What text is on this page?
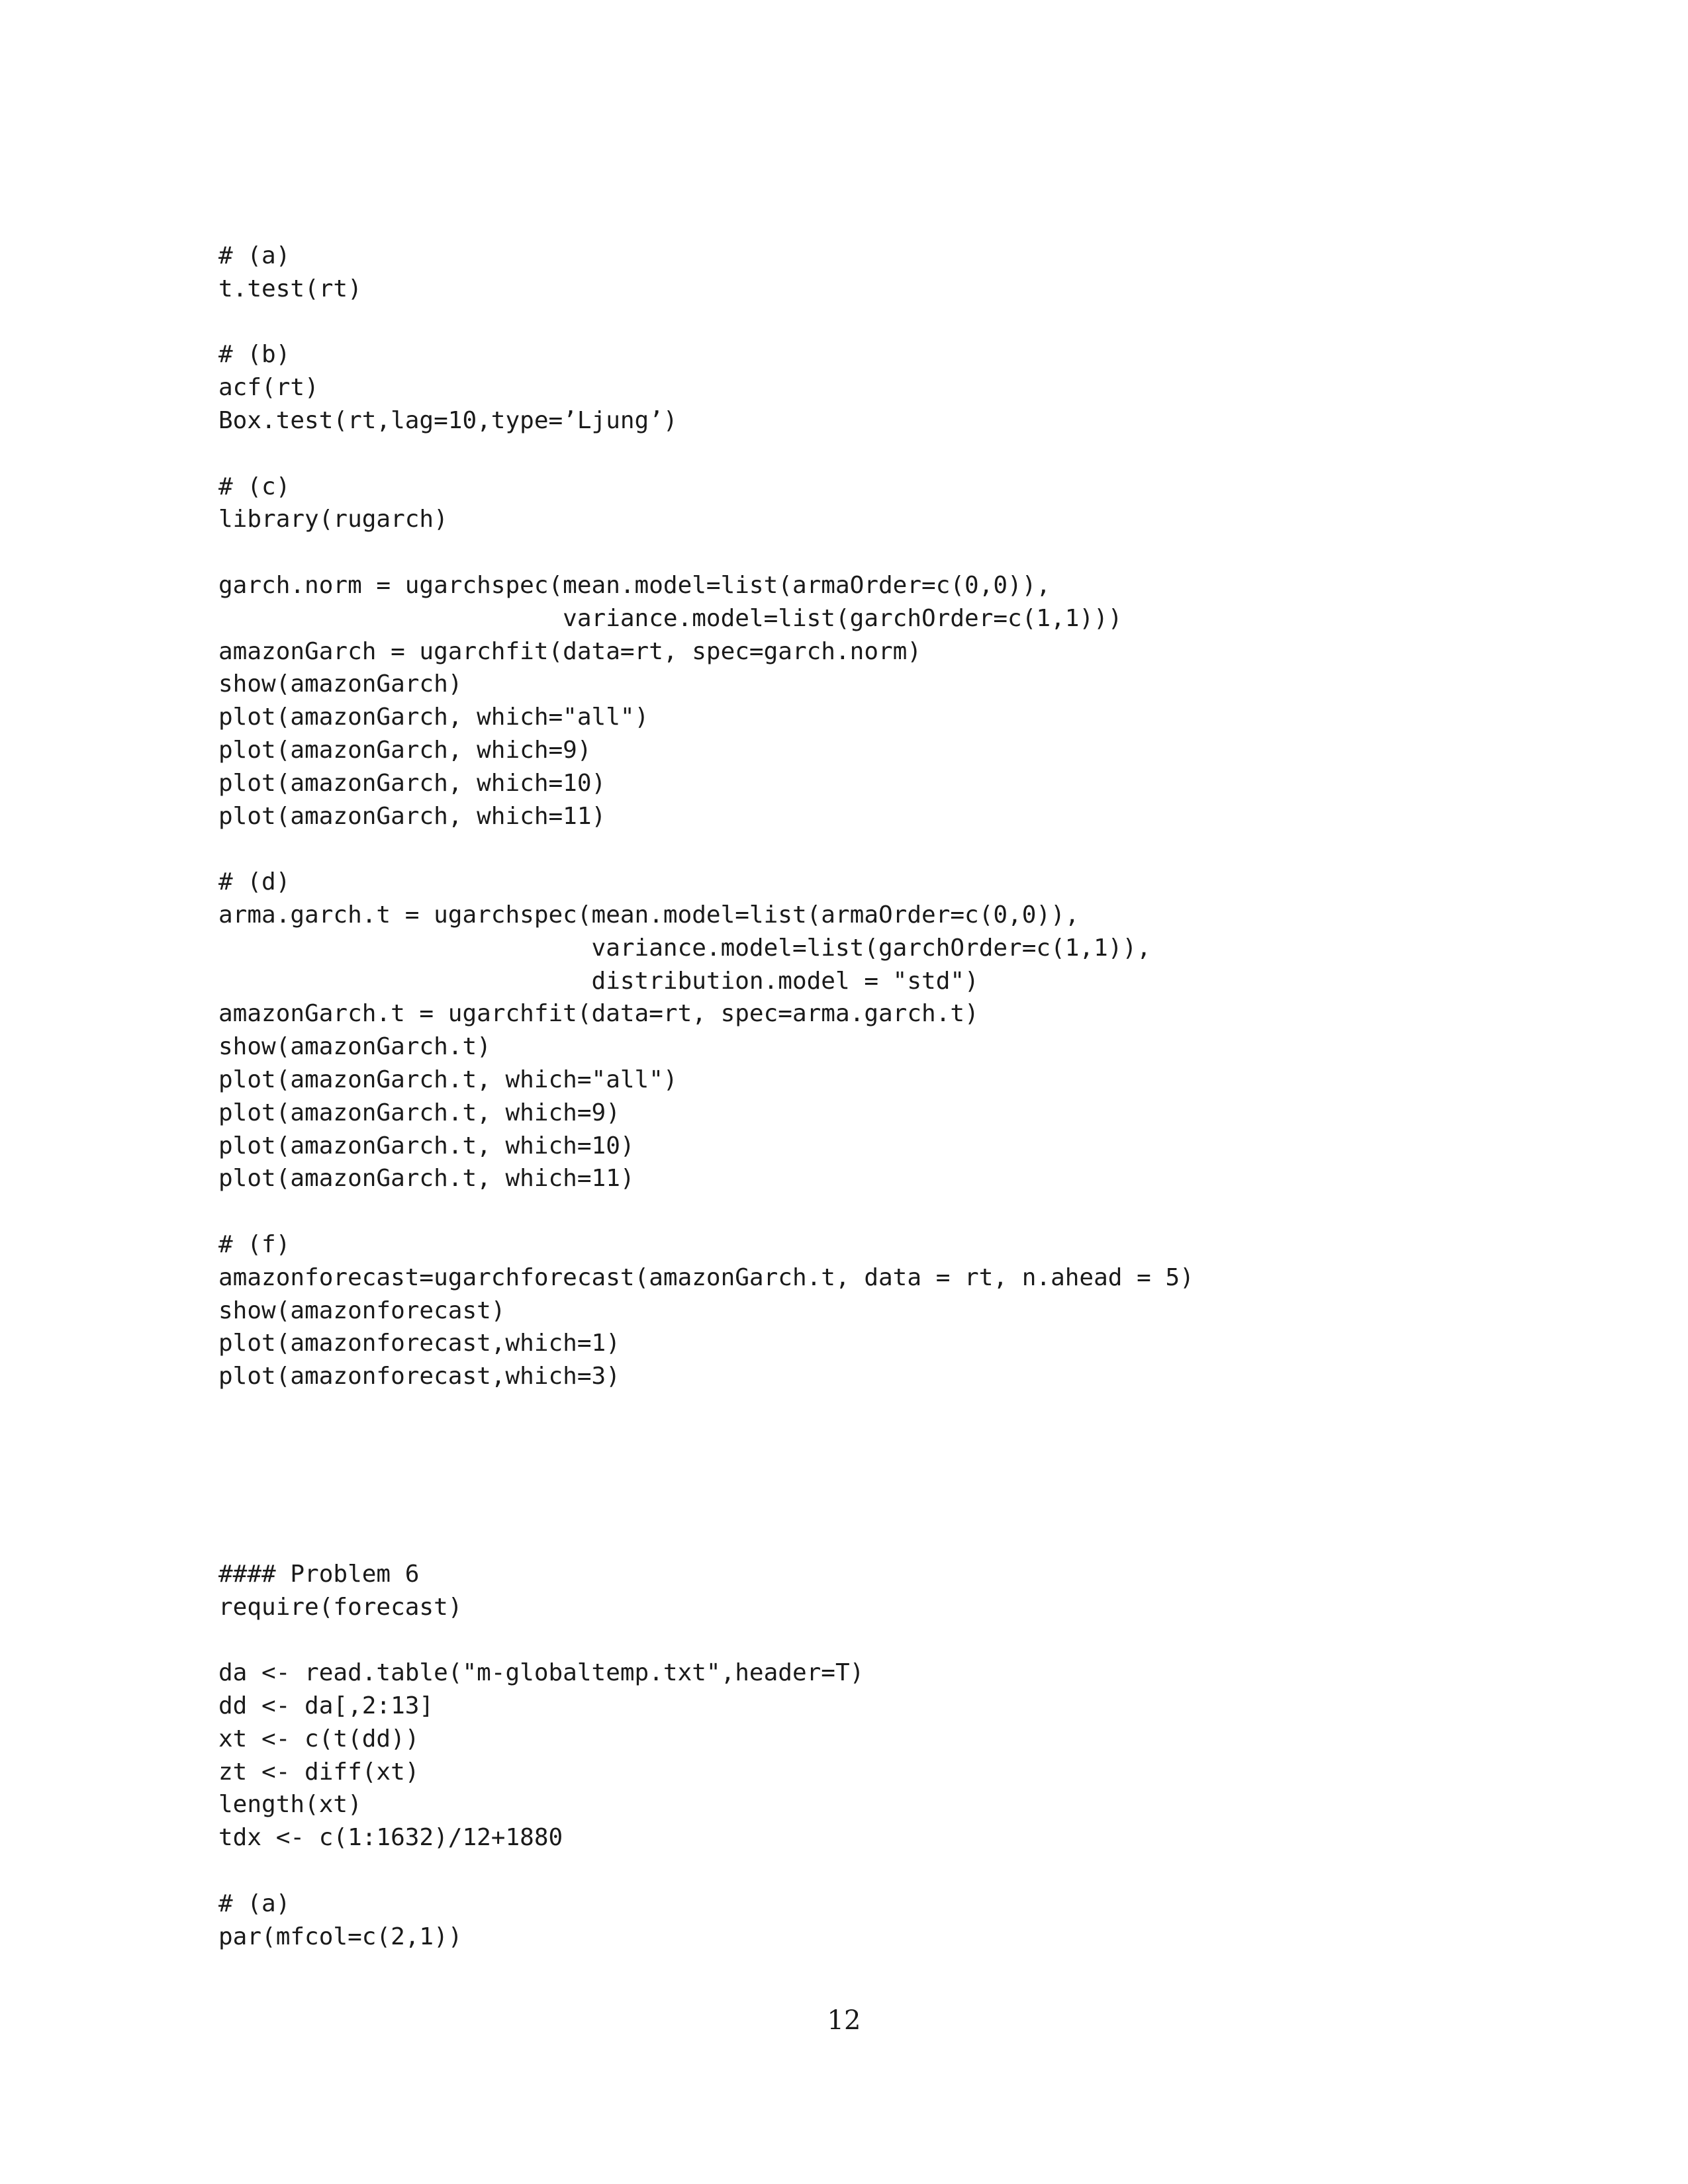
# (a)
t.test(rt)
# (b)
acf(rt)
Box.test(rt,lag=10,type=’Ljung’)
# (c)
library(rugarch)
garch.norm = ugarchspec(mean.model=list(armaOrder=c(0,0)),
variance.model=list(garchOrder=c(1,1)))
amazonGarch = ugarchfit(data=rt, spec=garch.norm)
show(amazonGarch)
plot(amazonGarch, which="all")
plot(amazonGarch, which=9)
plot(amazonGarch, which=10)
plot(amazonGarch, which=11)
# (d)
arma.garch.t = ugarchspec(mean.model=list(armaOrder=c(0,0)),
variance.model=list(garchOrder=c(1,1)),
distribution.model = "std")
amazonGarch.t = ugarchfit(data=rt, spec=arma.garch.t)
show(amazonGarch.t)
plot(amazonGarch.t, which="all")
plot(amazonGarch.t, which=9)
plot(amazonGarch.t, which=10)
plot(amazonGarch.t, which=11)
# (f)
amazonforecast=ugarchforecast(amazonGarch.t, data = rt, n.ahead = 5)
show(amazonforecast)
plot(amazonforecast,which=1)
plot(amazonforecast,which=3)
#### Problem 6
require(forecast)
da <- read.table("m-globaltemp.txt",header=T)
dd <- da[,2:13]
xt <- c(t(dd))
zt <- diff(xt)
length(xt)
tdx <- c(1:1632)/12+1880
# (a)
par(mfcol=c(2,1))
12
